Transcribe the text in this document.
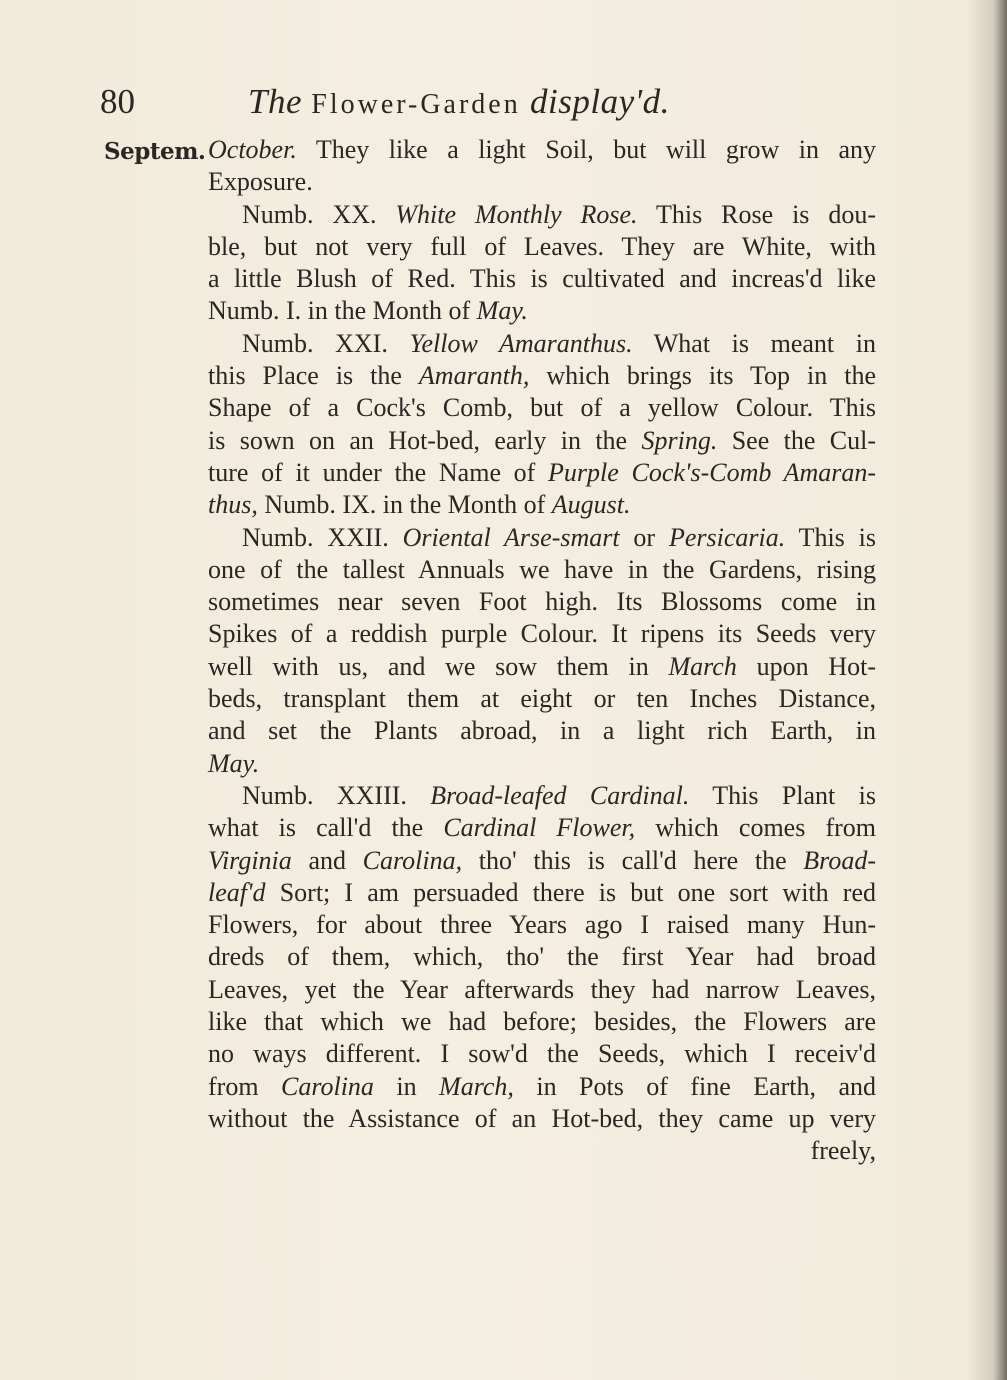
80	The Flower-Garden display'd.
Septem. October. They like a light Soil, but will grow in any
Exposure.
Numb. XX. White Monthly Rose. This Rose is dou-
ble, but not very full of Leaves. They are White, with
a little Blush of Red. This is cultivated and increas'd like
Numb. I. in the Month of May.
Numb. XXI. Yellow Amaranthus. What is meant in
this Place is the Amaranth, which brings its Top in the
Shape of a Cock's Comb, but of a yellow Colour. This
is sown on an Hot-bed, early in the Spring. See the Cul-
ture of it under the Name of Purple Cock's-Comb Amaran-
thus, Numb. IX. in the Month of August.
Numb. XXII. Oriental Arse-smart or Persicaria. This is
one of the tallest Annuals we have in the Gardens, rising
sometimes near seven Foot high. Its Blossoms come in
Spikes of a reddish purple Colour. It ripens its Seeds very
well with us, and we sow them in March upon Hot-
beds, transplant them at eight or ten Inches Distance,
and set the Plants abroad, in a light rich Earth, in
May.
Numb. XXIII. Broad-leafed Cardinal. This Plant is
what is call'd the Cardinal Flower, which comes from
Virginia and Carolina, tho' this is call'd here the Broad-
leaf'd Sort; I am persuaded there is but one sort with red
Flowers, for about three Years ago I raised many Hun-
dreds of them, which, tho' the first Year had broad
Leaves, yet the Year afterwards they had narrow Leaves,
like that which we had before; besides, the Flowers are
no ways different. I sow'd the Seeds, which I receiv'd
from Carolina in March, in Pots of fine Earth, and
without the Assistance of an Hot-bed, they came up very
freely,
